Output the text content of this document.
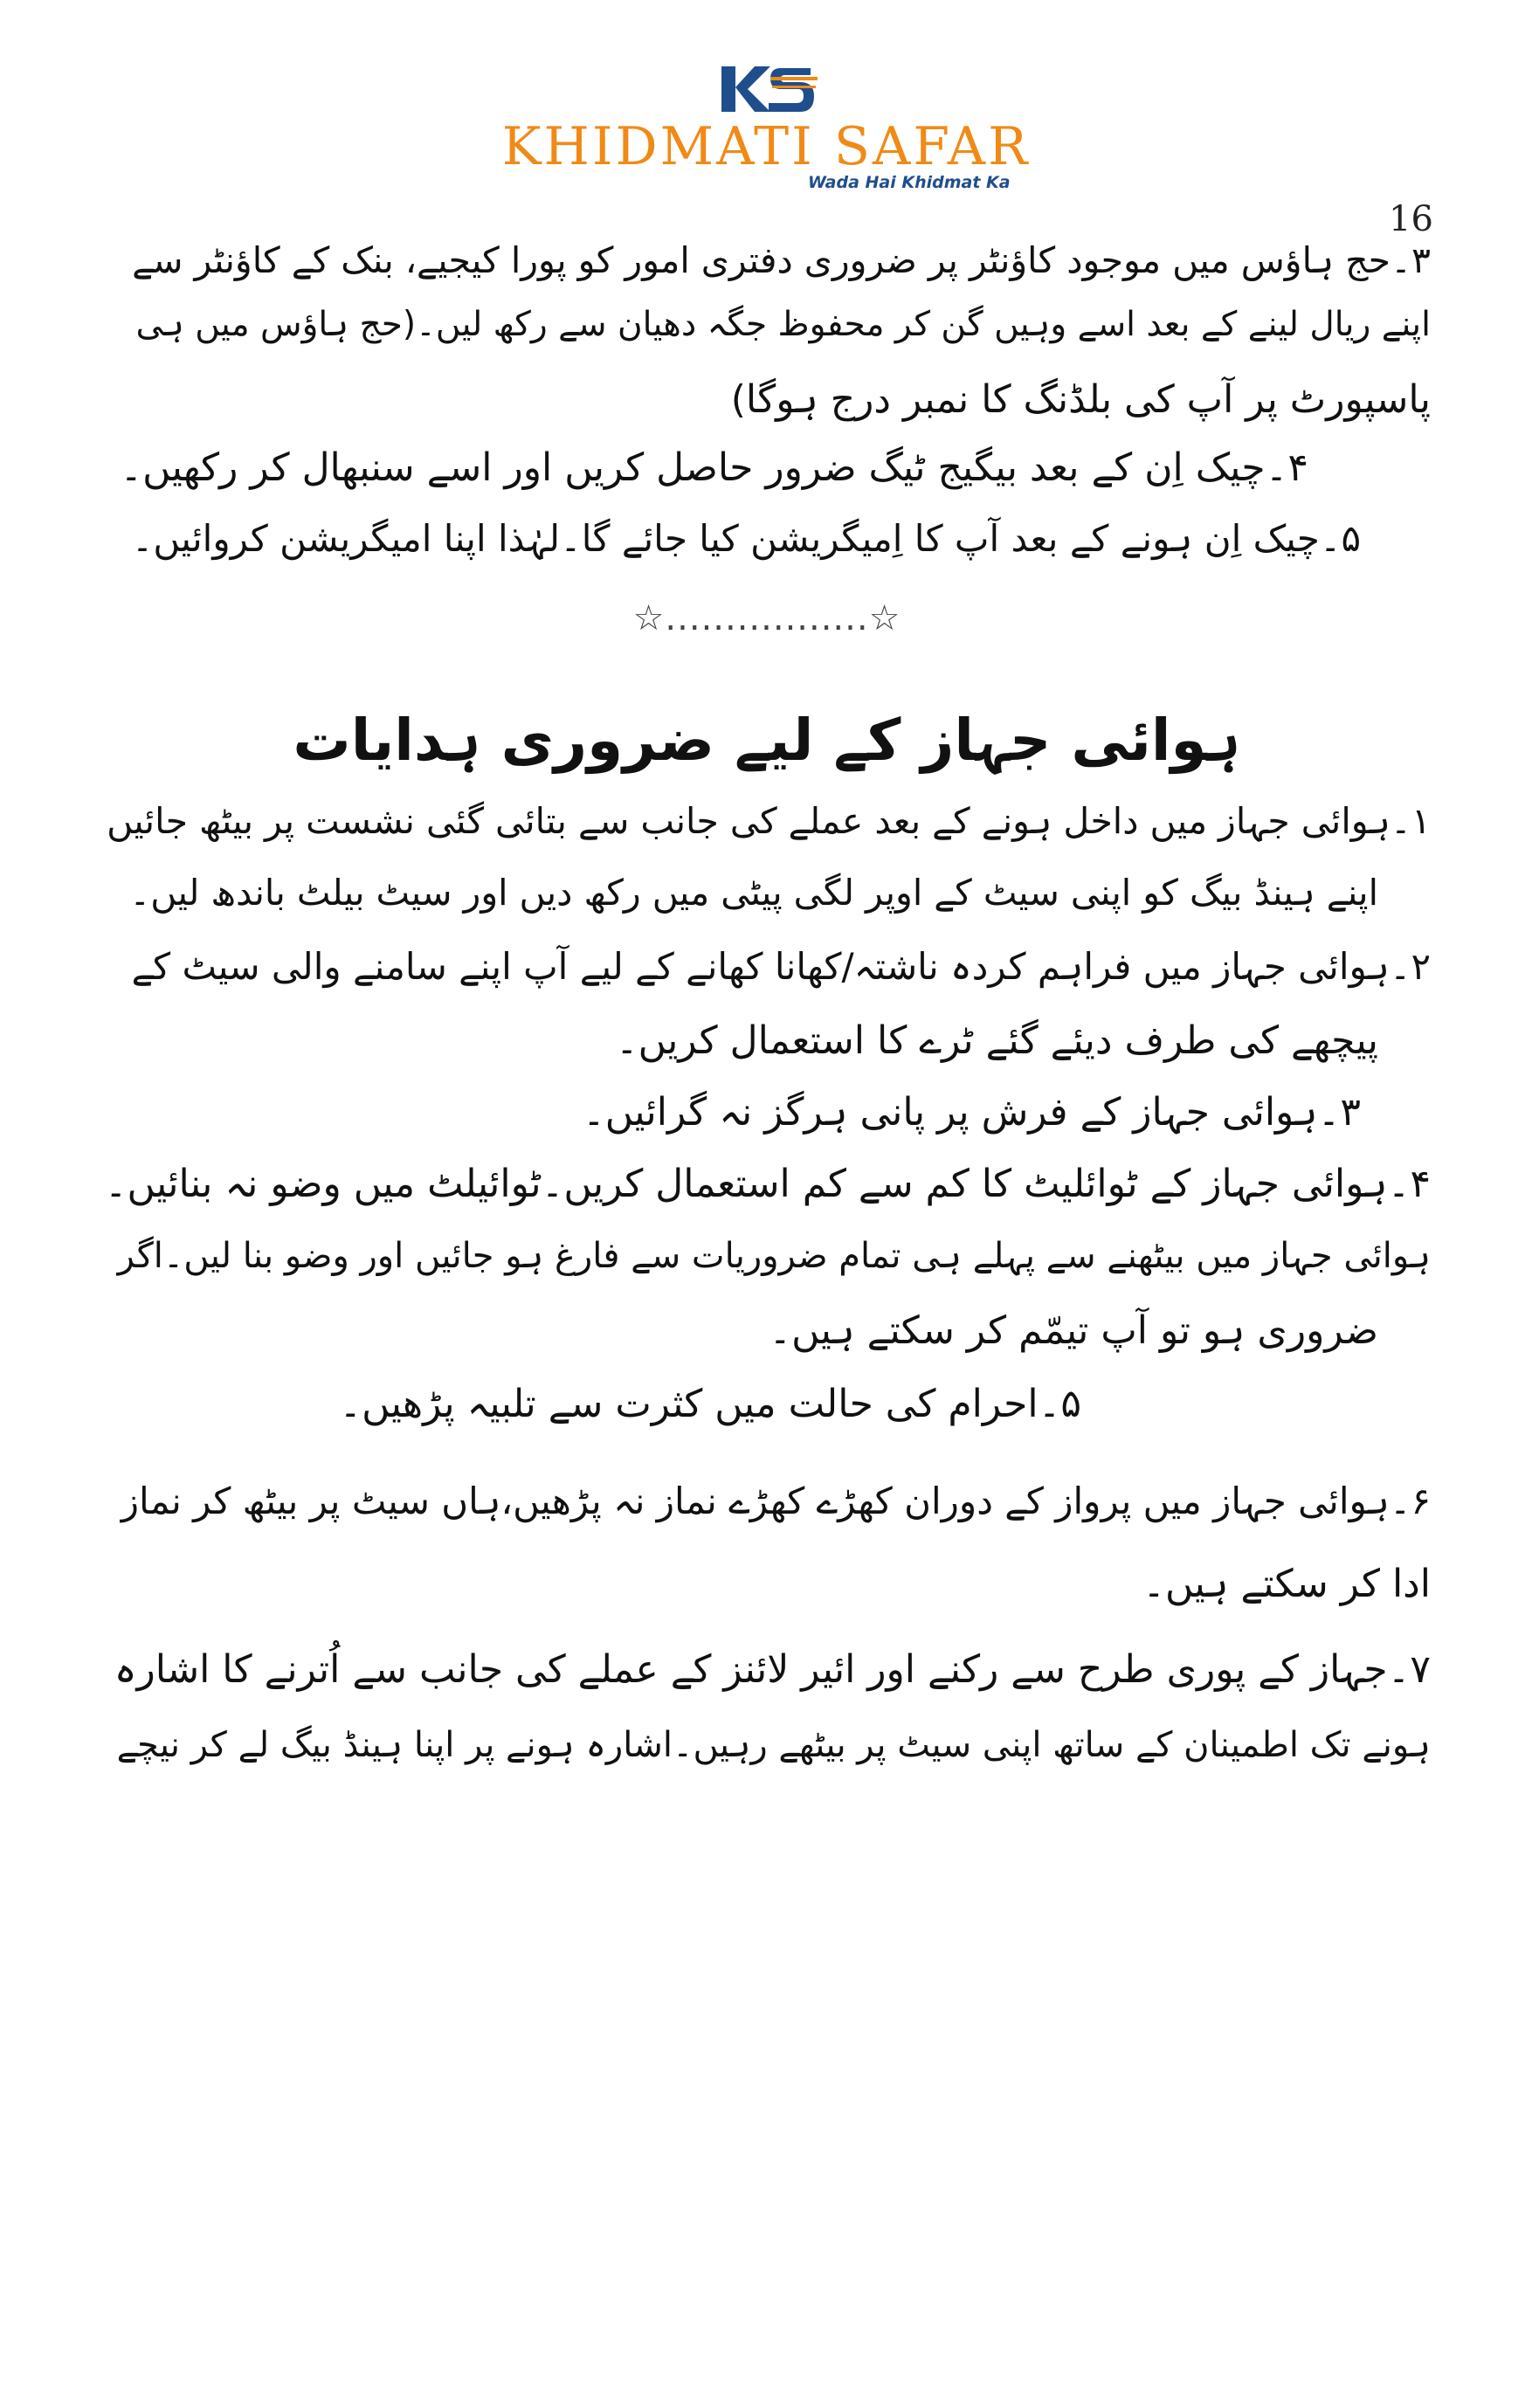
KHIDMATI SAFAR
Wada Hai Khidmat Ka
16
۳۔حج ہاؤس میں موجود کاؤنٹر پر ضروری دفتری امور کو پورا کیجیے، بنک کے کاؤنٹر سے
اپنے ریال لینے کے بعد اسے وہیں گن کر محفوظ جگہ دھیان سے رکھ لیں۔(حج ہاؤس میں ہی
پاسپورٹ پر آپ کی بلڈنگ کا نمبر درج ہوگا)
۴۔چیک اِن کے بعد بیگیج ٹیگ ضرور حاصل کریں اور اسے سنبھال کر رکھیں۔
۵۔چیک اِن ہونے کے بعد آپ کا اِمیگریشن کیا جائے گا۔لہٰذا اپنا امیگریشن کروائیں۔
☆.................☆
ہوائی جہاز کے لیے ضروری ہدایات
۱۔ہوائی جہاز میں داخل ہونے کے بعد عملے کی جانب سے بتائی گئی نشست پر بیٹھ جائیں
اپنے ہینڈ بیگ کو اپنی سیٹ کے اوپر لگی پیٹی میں رکھ دیں اور سیٹ بیلٹ باندھ لیں۔
۲۔ہوائی جہاز میں فراہم کردہ ناشتہ/کھانا کھانے کے لیے آپ اپنے سامنے والی سیٹ کے
پیچھے کی طرف دیئے گئے ٹرے کا استعمال کریں۔
۳۔ہوائی جہاز کے فرش پر پانی ہرگز نہ گرائیں۔
۴۔ہوائی جہاز کے ٹوائلیٹ کا کم سے کم استعمال کریں۔ٹوائیلٹ میں وضو نہ بنائیں۔
ہوائی جہاز میں بیٹھنے سے پہلے ہی تمام ضروریات سے فارغ ہو جائیں اور وضو بنا لیں۔اگر
ضروری ہو تو آپ تیمّم کر سکتے ہیں۔
۵۔احرام کی حالت میں کثرت سے تلبیہ پڑھیں۔
۶۔ہوائی جہاز میں پرواز کے دوران کھڑے کھڑے نماز نہ پڑھیں،ہاں سیٹ پر بیٹھ کر نماز
ادا کر سکتے ہیں۔
۷۔جہاز کے پوری طرح سے رکنے اور ائیر لائنز کے عملے کی جانب سے اُترنے کا اشارہ
ہونے تک اطمینان کے ساتھ اپنی سیٹ پر بیٹھے رہیں۔اشارہ ہونے پر اپنا ہینڈ بیگ لے کر نیچے
